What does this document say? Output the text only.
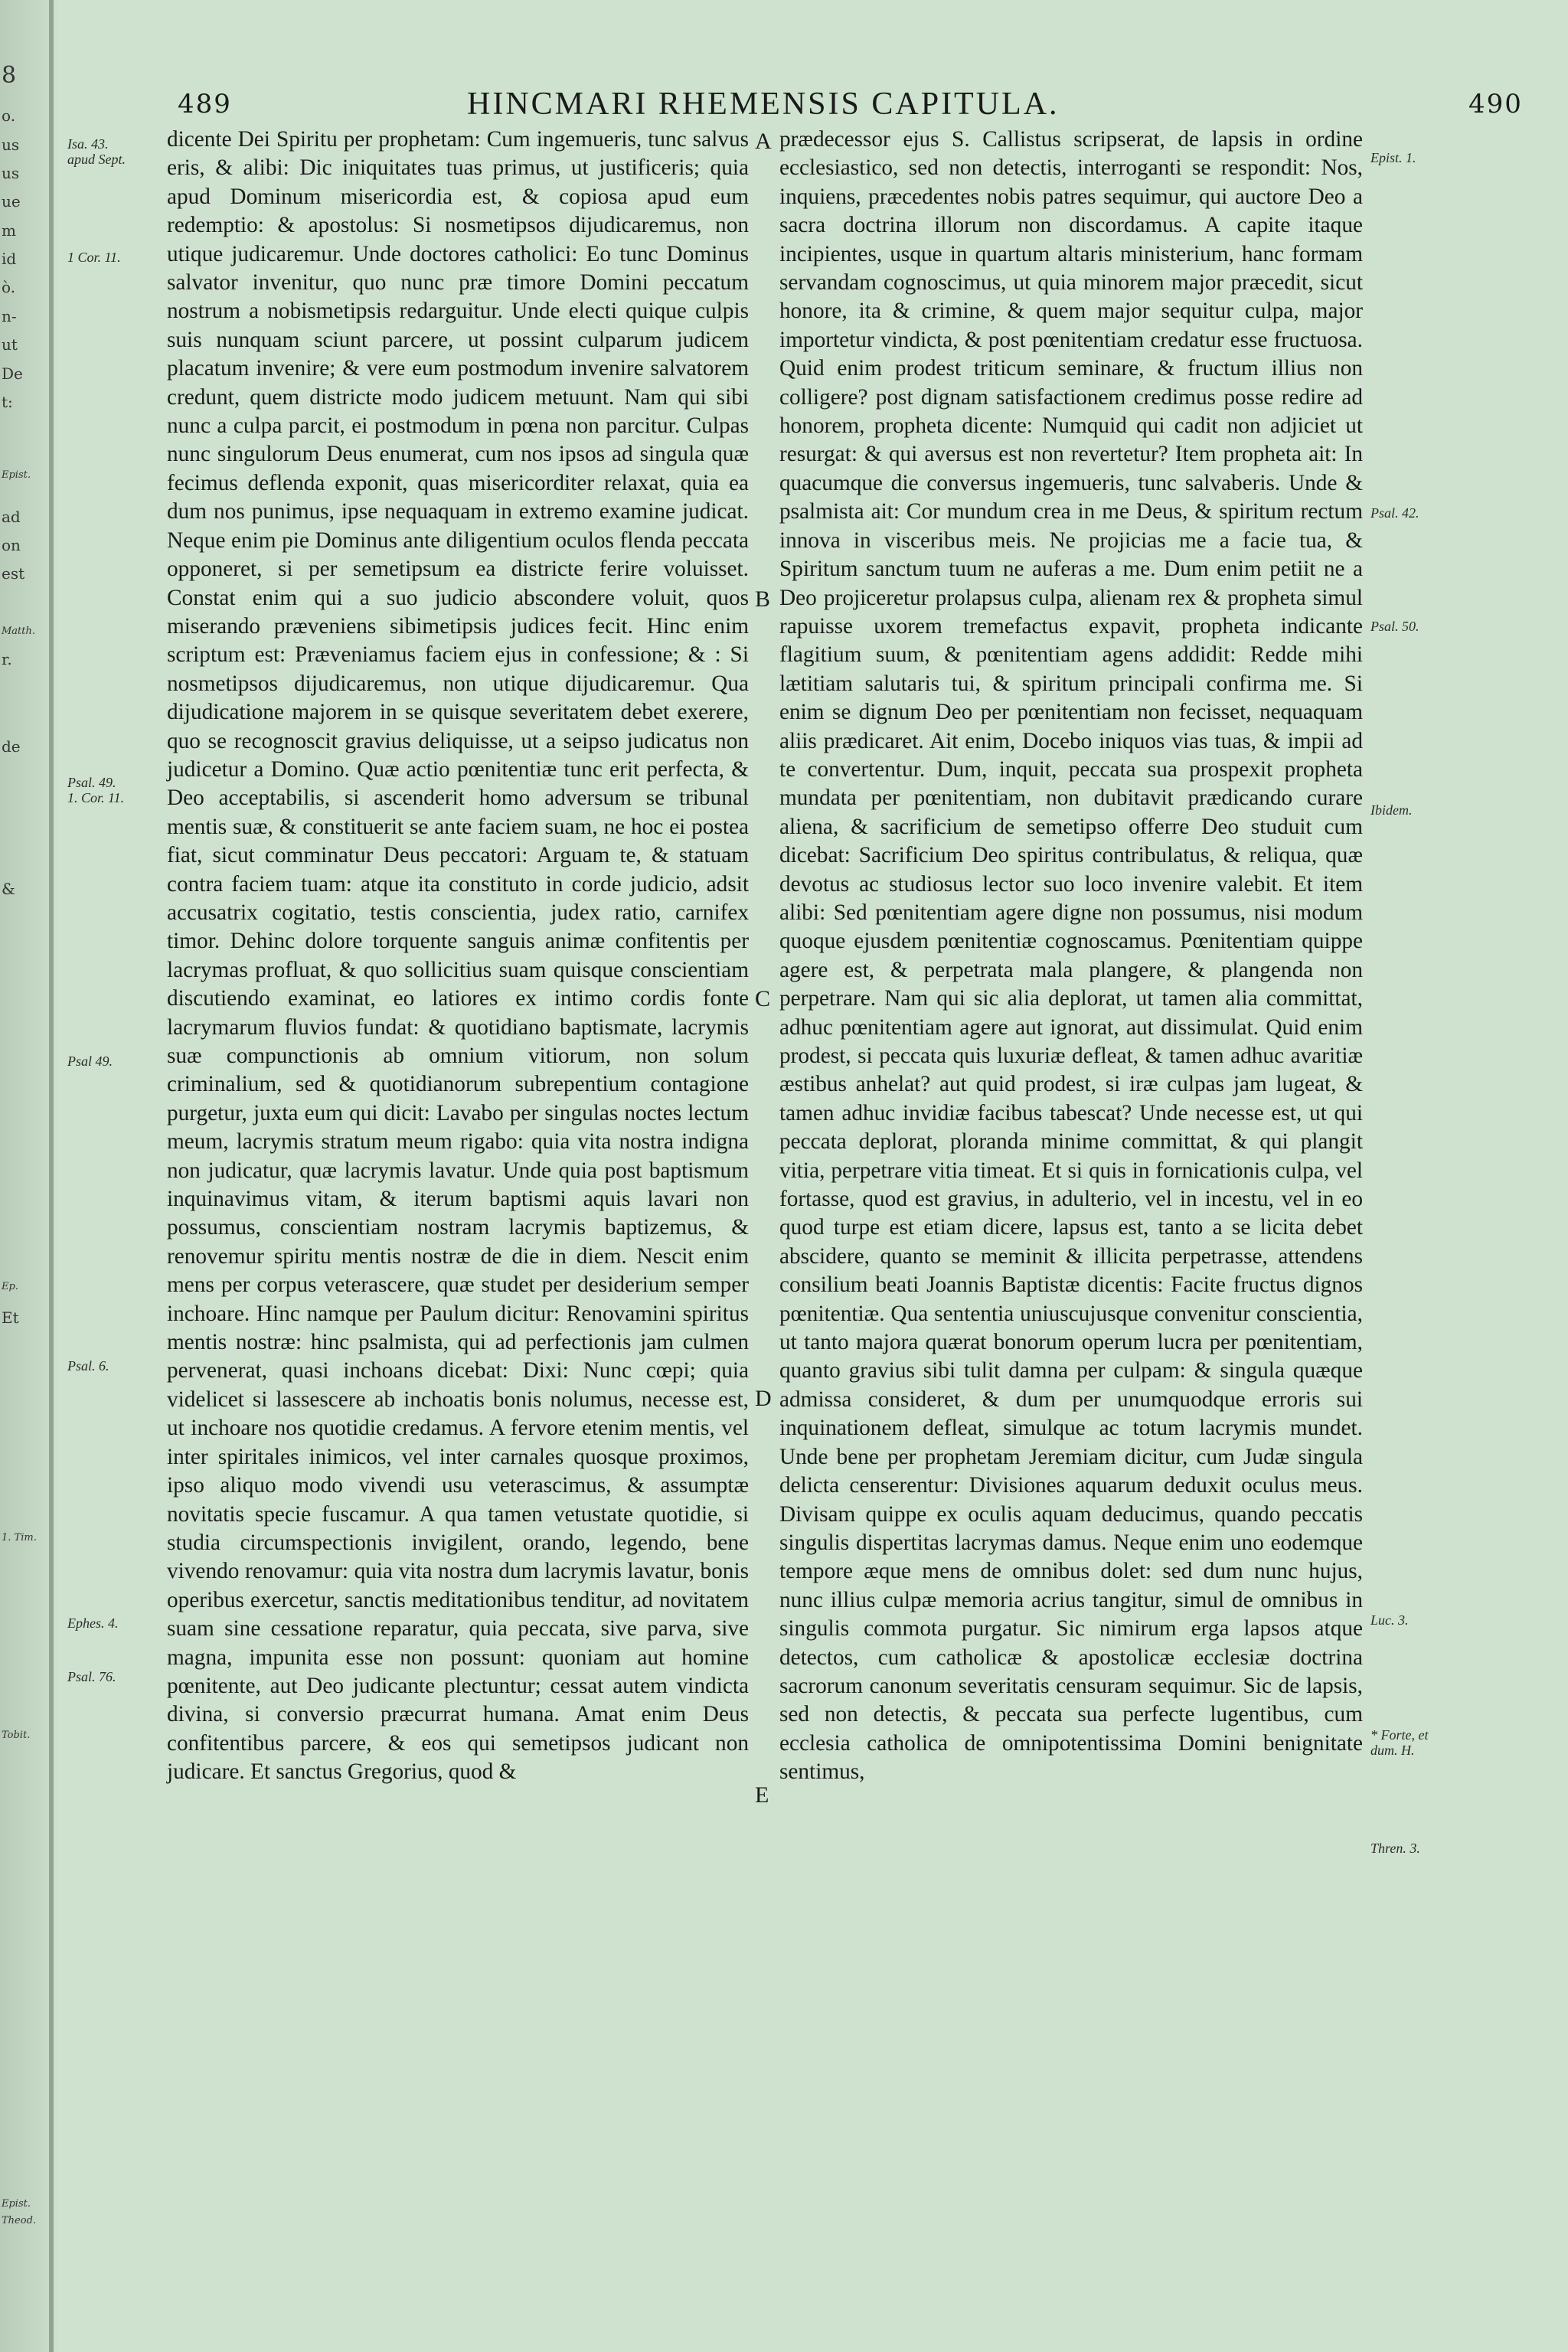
8
o.
us
us
ue
m
id
ò.
n-
ut
De
t:
Epist.
ad
on
est
Matth.
r.
de
&
Ep.
Et
1. Tim.
Tobit.
Epist. Theod.
489	HINCMARI RHEMENSIS CAPITULA.	490
Isa. 43.
apud Sept.
1 Cor. 11.
Psal. 49.
1. Cor. 11.
Psal 49.
Psal. 6.
Ephes. 4.
Psal. 76.
Epist. 1.
Psal. 42.
Psal. 50.
Ibidem.
Luc. 3.
* Forte, et
dum. H.
Thren. 3.
A
B
C
D
E

dicente Dei Spiritu per prophetam: Cum ingemueris, tunc salvus eris, & alibi: Dic iniquitates tuas primus, ut justificeris; quia apud Dominum misericordia est, & copiosa apud eum redemptio: & apostolus: Si nosmetipsos dijudicaremus, non utique judicaremur. Unde doctores catholici: Eo tunc Dominus salvator invenitur, quo nunc præ timore Domini peccatum nostrum a nobismetipsis redarguitur. Unde electi quique culpis suis nunquam sciunt parcere, ut possint culparum judicem placatum invenire; & vere eum postmodum invenire salvatorem credunt, quem districte modo judicem metuunt. Nam qui sibi nunc a culpa parcit, ei postmodum in pœna non parcitur. Culpas nunc singulorum Deus enumerat, cum nos ipsos ad singula quæ fecimus deflenda exponit, quas misericorditer relaxat, quia ea dum nos punimus, ipse nequaquam in extremo examine judicat. Neque enim pie Dominus ante diligentium oculos flenda peccata opponeret, si per semetipsum ea districte ferire voluisset. Constat enim qui a suo judicio abscondere voluit, quos miserando præveniens sibimetipsis judices fecit. Hinc enim scriptum est: Præveniamus faciem ejus in confessione; & : Si nosmetipsos dijudicaremus, non utique dijudicaremur. Qua dijudicatione majorem in se quisque severitatem debet exerere, quo se recognoscit gravius deliquisse, ut a seipso judicatus non judicetur a Domino. Quæ actio pœnitentiæ tunc erit perfecta, & Deo acceptabilis, si ascenderit homo adversum se tribunal mentis suæ, & constituerit se ante faciem suam, ne hoc ei postea fiat, sicut comminatur Deus peccatori: Arguam te, & statuam contra faciem tuam: atque ita constituto in corde judicio, adsit accusatrix cogitatio, testis conscientia, judex ratio, carnifex timor. Dehinc dolore torquente sanguis animæ confitentis per lacrymas profluat, & quo sollicitius suam quisque conscientiam discutiendo examinat, eo latiores ex intimo cordis fonte lacrymarum fluvios fundat: & quotidiano baptismate, lacrymis suæ compunctionis ab omnium vitiorum, non solum criminalium, sed & quotidianorum subrepentium contagione purgetur, juxta eum qui dicit: Lavabo per singulas noctes lectum meum, lacrymis stratum meum rigabo: quia vita nostra indigna non judicatur, quæ lacrymis lavatur. Unde quia post baptismum inquinavimus vitam, & iterum baptismi aquis lavari non possumus, conscientiam nostram lacrymis baptizemus, & renovemur spiritu mentis nostræ de die in diem. Nescit enim mens per corpus veterascere, quæ studet per desiderium semper inchoare. Hinc namque per Paulum dicitur: Renovamini spiritus mentis nostræ: hinc psalmista, qui ad perfectionis jam culmen pervenerat, quasi inchoans dicebat: Dixi: Nunc cœpi; quia videlicet si lassescere ab inchoatis bonis nolumus, necesse est, ut inchoare nos quotidie credamus. A fervore etenim mentis, vel inter spiritales inimicos, vel inter carnales quosque proximos, ipso aliquo modo vivendi usu veterascimus, & assumptæ novitatis specie fuscamur. A qua tamen vetustate quotidie, si studia circumspectionis invigilent, orando, legendo, bene vivendo renovamur: quia vita nostra dum lacrymis lavatur, bonis operibus exercetur, sanctis meditationibus tenditur, ad novitatem suam sine cessatione reparatur, quia peccata, sive parva, sive magna, impunita esse non possunt: quoniam aut homine pœnitente, aut Deo judicante plectuntur; cessat autem vindicta divina, si conversio præcurrat humana. Amat enim Deus confitentibus parcere, & eos qui semetipsos judicant non judicare. Et sanctus Gregorius, quod &

prædecessor ejus S. Callistus scripserat, de lapsis in ordine ecclesiastico, sed non detectis, interroganti se respondit: Nos, inquiens, præcedentes nobis patres sequimur, qui auctore Deo a sacra doctrina illorum non discordamus. A capite itaque incipientes, usque in quartum altaris ministerium, hanc formam servandam cognoscimus, ut quia minorem major præcedit, sicut honore, ita & crimine, & quem major sequitur culpa, major importetur vindicta, & post pœnitentiam credatur esse fructuosa. Quid enim prodest triticum seminare, & fructum illius non colligere? post dignam satisfactionem credimus posse redire ad honorem, propheta dicente: Numquid qui cadit non adjiciet ut resurgat: & qui aversus est non revertetur? Item propheta ait: In quacumque die conversus ingemueris, tunc salvaberis. Unde & psalmista ait: Cor mundum crea in me Deus, & spiritum rectum innova in visceribus meis. Ne projicias me a facie tua, & Spiritum sanctum tuum ne auferas a me. Dum enim petiit ne a Deo projiceretur prolapsus culpa, alienam rex & propheta simul rapuisse uxorem tremefactus expavit, propheta indicante flagitium suum, & pœnitentiam agens addidit: Redde mihi lætitiam salutaris tui, & spiritum principali confirma me. Si enim se dignum Deo per pœnitentiam non fecisset, nequaquam aliis prædicaret. Ait enim, Docebo iniquos vias tuas, & impii ad te convertentur. Dum, inquit, peccata sua prospexit propheta mundata per pœnitentiam, non dubitavit prædicando curare aliena, & sacrificium de semetipso offerre Deo studuit cum dicebat: Sacrificium Deo spiritus contribulatus, & reliqua, quæ devotus ac studiosus lector suo loco invenire valebit. Et item alibi: Sed pœnitentiam agere digne non possumus, nisi modum quoque ejusdem pœnitentiæ cognoscamus. Pœnitentiam quippe agere est, & perpetrata mala plangere, & plangenda non perpetrare. Nam qui sic alia deplorat, ut tamen alia committat, adhuc pœnitentiam agere aut ignorat, aut dissimulat. Quid enim prodest, si peccata quis luxuriæ defleat, & tamen adhuc avaritiæ æstibus anhelat? aut quid prodest, si iræ culpas jam lugeat, & tamen adhuc invidiæ facibus tabescat? Unde necesse est, ut qui peccata deplorat, ploranda minime committat, & qui plangit vitia, perpetrare vitia timeat. Et si quis in fornicationis culpa, vel fortasse, quod est gravius, in adulterio, vel in incestu, vel in eo quod turpe est etiam dicere, lapsus est, tanto a se licita debet abscidere, quanto se meminit & illicita perpetrasse, attendens consilium beati Joannis Baptistæ dicentis: Facite fructus dignos pœnitentiæ. Qua sententia uniuscujusque convenitur conscientia, ut tanto majora quærat bonorum operum lucra per pœnitentiam, quanto gravius sibi tulit damna per culpam: & singula quæque admissa consideret, & dum per unumquodque erroris sui inquinationem defleat, simulque ac totum lacrymis mundet. Unde bene per prophetam Jeremiam dicitur, cum Judæ singula delicta censerentur: Divisiones aquarum deduxit oculus meus. Divisam quippe ex oculis aquam deducimus, quando peccatis singulis dispertitas lacrymas damus. Neque enim uno eodemque tempore æque mens de omnibus dolet: sed dum nunc hujus, nunc illius culpæ memoria acrius tangitur, simul de omnibus in singulis commota purgatur. Sic nimirum erga lapsos atque detectos, cum catholicæ & apostolicæ ecclesiæ doctrina sacrorum canonum severitatis censuram sequimur. Sic de lapsis, sed non detectis, & peccata sua perfecte lugentibus, cum ecclesia catholica de omnipotentissima Domini benignitate sentimus,
